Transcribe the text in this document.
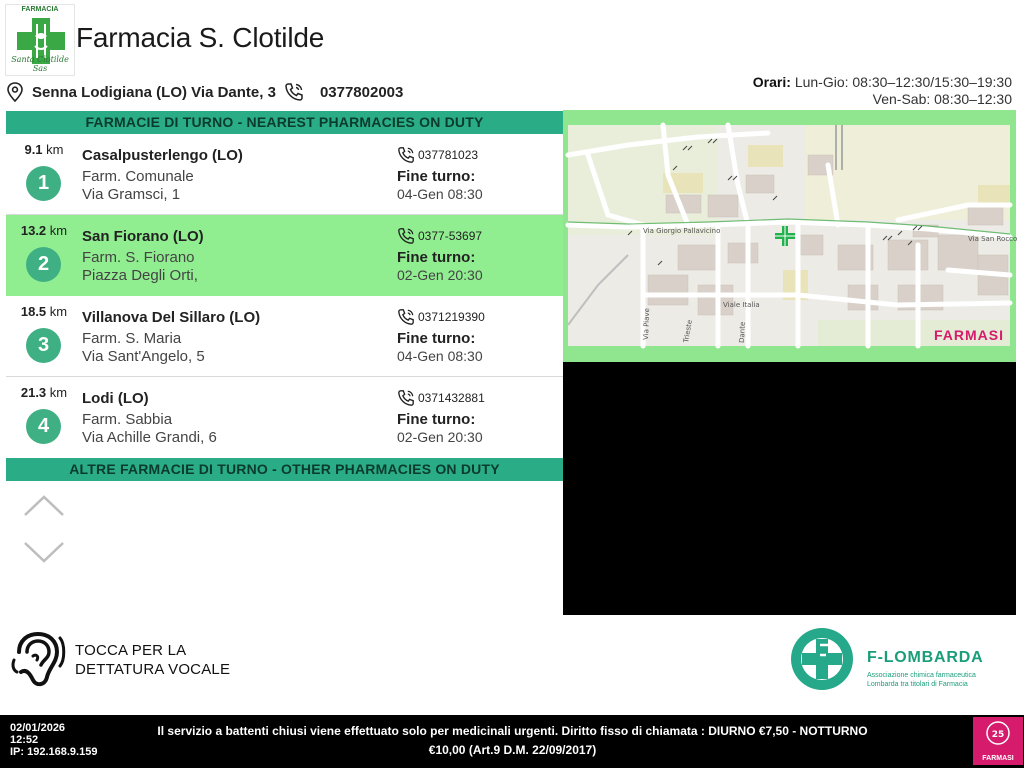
FARMACIA
Santa Clotilde Sas
Farmacia S. Clotilde
Senna Lodigiana (LO) Via Dante, 3	0377802003
Orari: Lun-Gio: 08:30–12:30/15:30–19:30
Ven-Sab: 08:30–12:30
FARMACIE DI TURNO - NEAREST PHARMACIES ON DUTY
9.1 km
1
Casalpusterlengo (LO)
Farm. Comunale
Via Gramsci, 1
037781023
Fine turno:
04-Gen 08:30
13.2 km
2
San Fiorano (LO)
Farm. S. Fiorano
Piazza Degli Orti,
0377-53697
Fine turno:
02-Gen 20:30
18.5 km
3
Villanova Del Sillaro (LO)
Farm. S. Maria
Via Sant'Angelo, 5
0371219390
Fine turno:
04-Gen 08:30
21.3 km
4
Lodi (LO)
Farm. Sabbia
Via Achille Grandi, 6
0371432881
Fine turno:
02-Gen 20:30
ALTRE FARMACIE DI TURNO - OTHER PHARMACIES ON DUTY
Via Giorgio Pallavicino
Via San Rocco
Viale Italia
Via Piave	Trieste	Dante	FARMASI
TOCCA PER LA
DETTATURA VOCALE
F-LOMBARDA
Associazione chimica farmaceutica
Lombarda tra titolari di Farmacia
02/01/2026
12:52
IP: 192.168.9.159
Il servizio a battenti chiusi viene effettuato solo per medicinali urgenti. Diritto fisso di chiamata : DIURNO €7,50 - NOTTURNO
€10,00 (Art.9 D.M. 22/09/2017)
25
FARMASI
